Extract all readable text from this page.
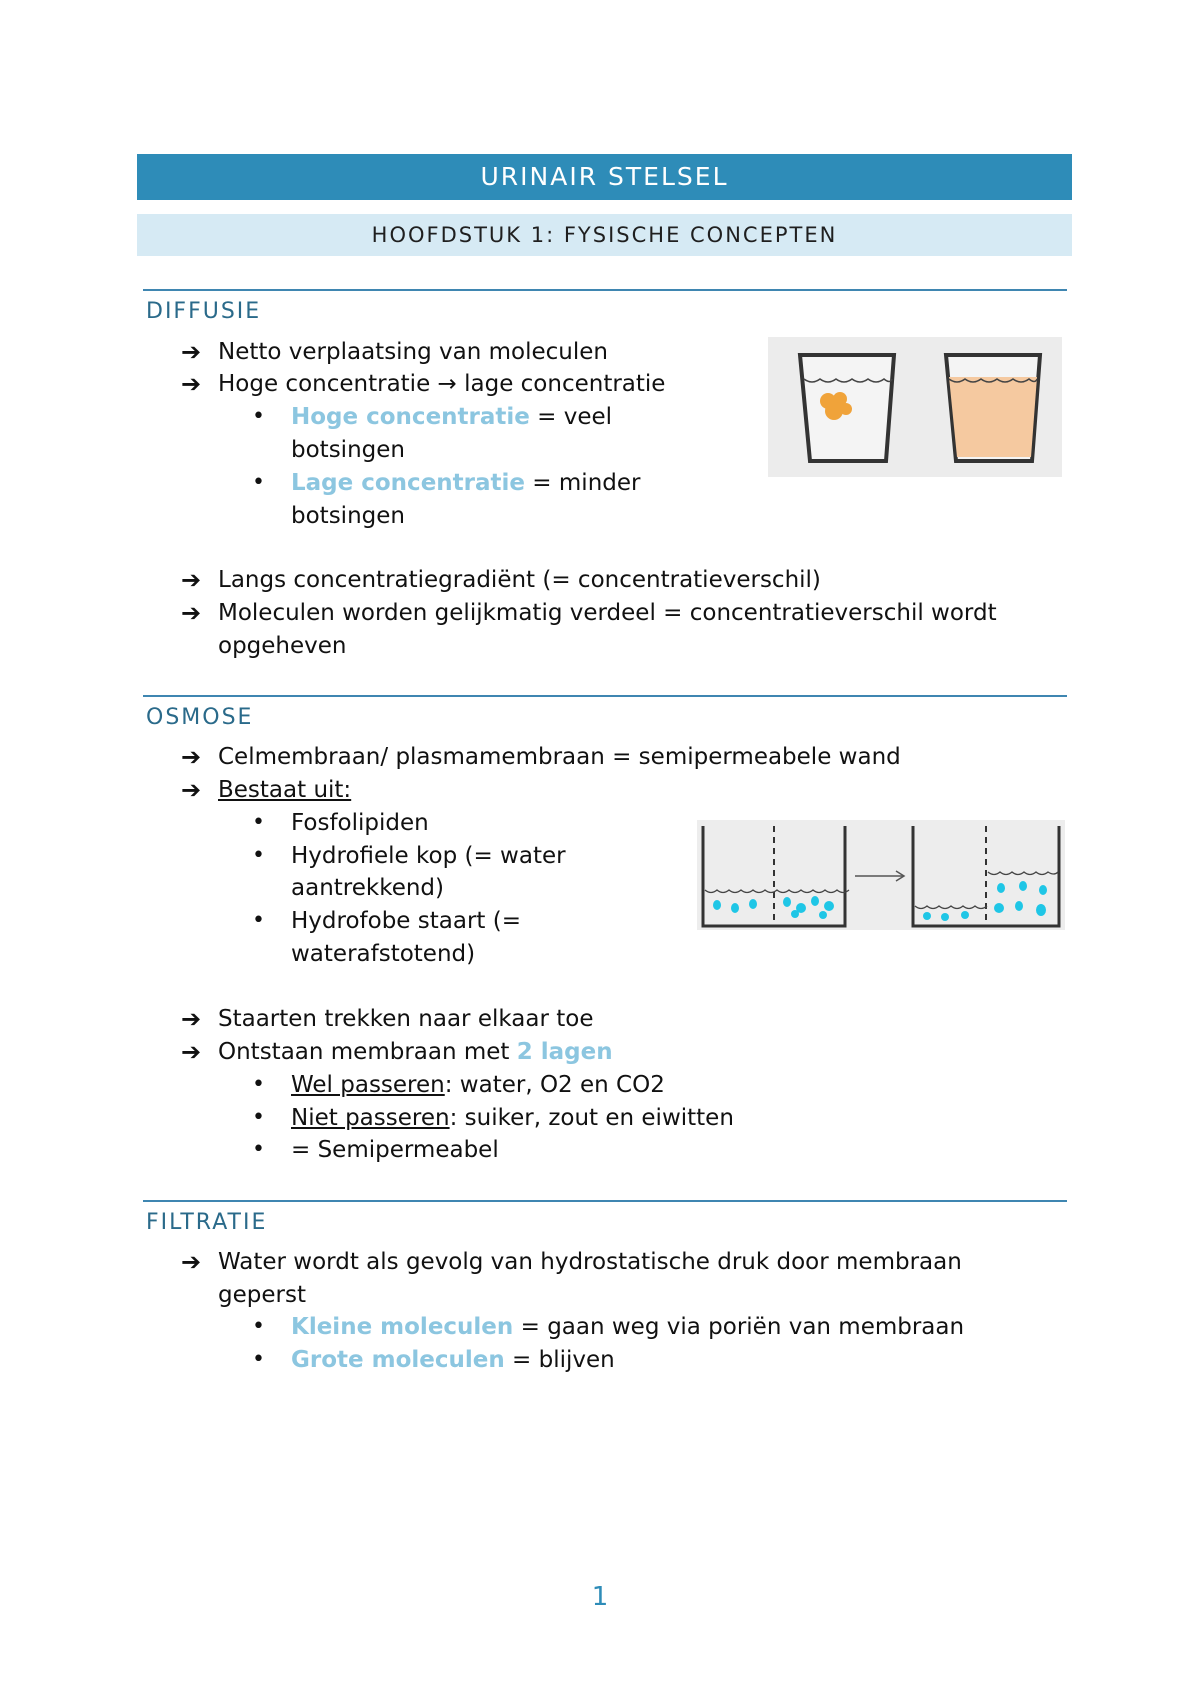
URINAIR STELSEL
HOOFDSTUK 1: FYSISCHE CONCEPTEN
DIFFUSIE
➔ Netto verplaatsing van moleculen
➔ Hoge concentratie → lage concentratie
• Hoge concentratie = veel
botsingen
• Lage concentratie = minder
botsingen
➔ Langs concentratiegradiënt (= concentratieverschil)
➔ Moleculen worden gelijkmatig verdeel = concentratieverschil wordt
opgeheven
OSMOSE
➔ Celmembraan/ plasmamembraan = semipermeabele wand
➔ Bestaat uit:
• Fosfolipiden
• Hydrofiele kop (= water
aantrekkend)
• Hydrofobe staart (=
waterafstotend)
➔ Staarten trekken naar elkaar toe
➔ Ontstaan membraan met 2 lagen
• Wel passeren: water, O2 en CO2
• Niet passeren: suiker, zout en eiwitten
• = Semipermeabel
FILTRATIE
➔ Water wordt als gevolg van hydrostatische druk door membraan
geperst
• Kleine moleculen = gaan weg via poriën van membraan
• Grote moleculen = blijven
1
